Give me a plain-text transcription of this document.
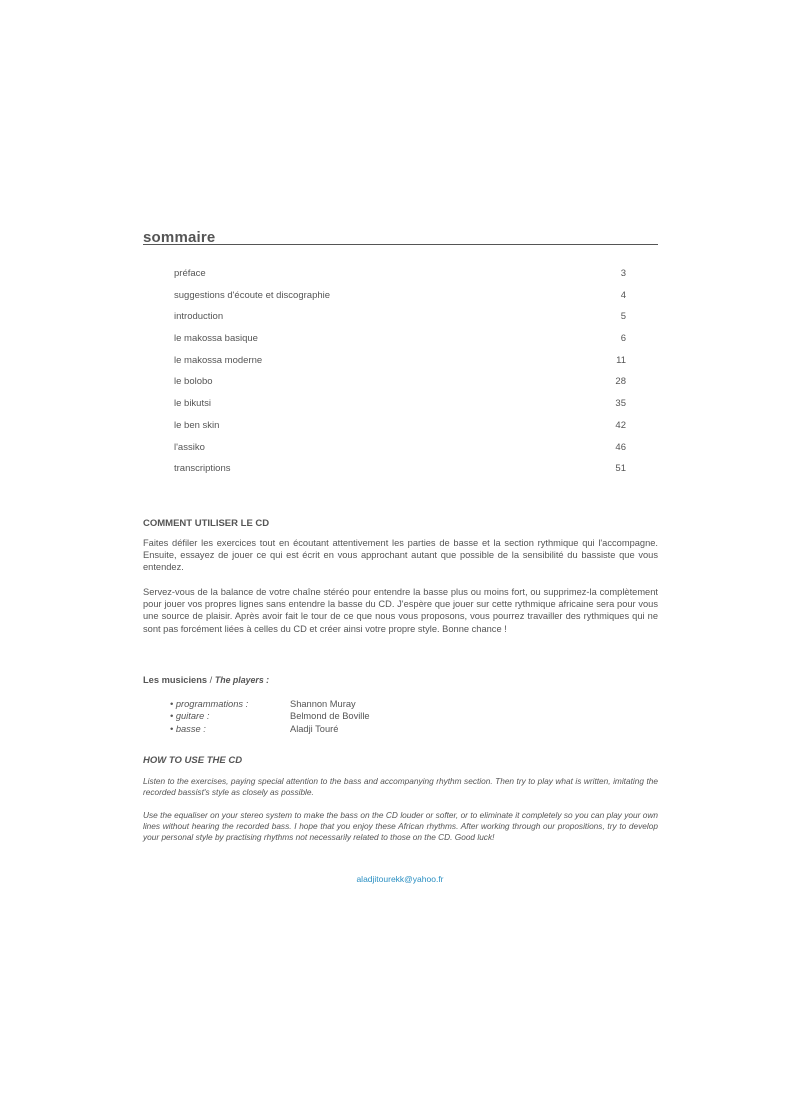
sommaire
préface	3
suggestions d'écoute et discographie	4
introduction	5
le makossa basique	6
le makossa moderne	11
le bolobo	28
le bikutsi	35
le ben skin	42
l'assiko	46
transcriptions	51
COMMENT UTILISER LE CD

Faites défiler les exercices tout en écoutant attentivement les parties de basse et la section rythmique qui l'accompagne. Ensuite, essayez de jouer ce qui est écrit en vous approchant autant que possible de la sensibilité du bassiste que vous entendez.

Servez-vous de la balance de votre chaîne stéréo pour entendre la basse plus ou moins fort, ou supprimez-la complètement pour jouer vos propres lignes sans entendre la basse du CD. J'espère que jouer sur cette rythmique africaine sera pour vous une source de plaisir. Après avoir fait le tour de ce que nous vous proposons, vous pourrez travailler des rythmiques qui ne sont pas forcément liées à celles du CD et créer ainsi votre propre style. Bonne chance !

Les musiciens / The players :
• programmations :	Shannon Muray
• guitare :	Belmond de Boville
• basse :	Aladji Touré
HOW TO USE THE CD

Listen to the exercises, paying special attention to the bass and accompanying rhythm section. Then try to play what is written, imitating the recorded bassist's style as closely as possible.

Use the equaliser on your stereo system to make the bass on the CD louder or softer, or to eliminate it completely so you can play your own lines without hearing the recorded bass. I hope that you enjoy these African rhythms. After working through our propositions, try to develop your personal style by practising rhythms not necessarily related to those on the CD. Good luck!

aladjitourekk@yahoo.fr
